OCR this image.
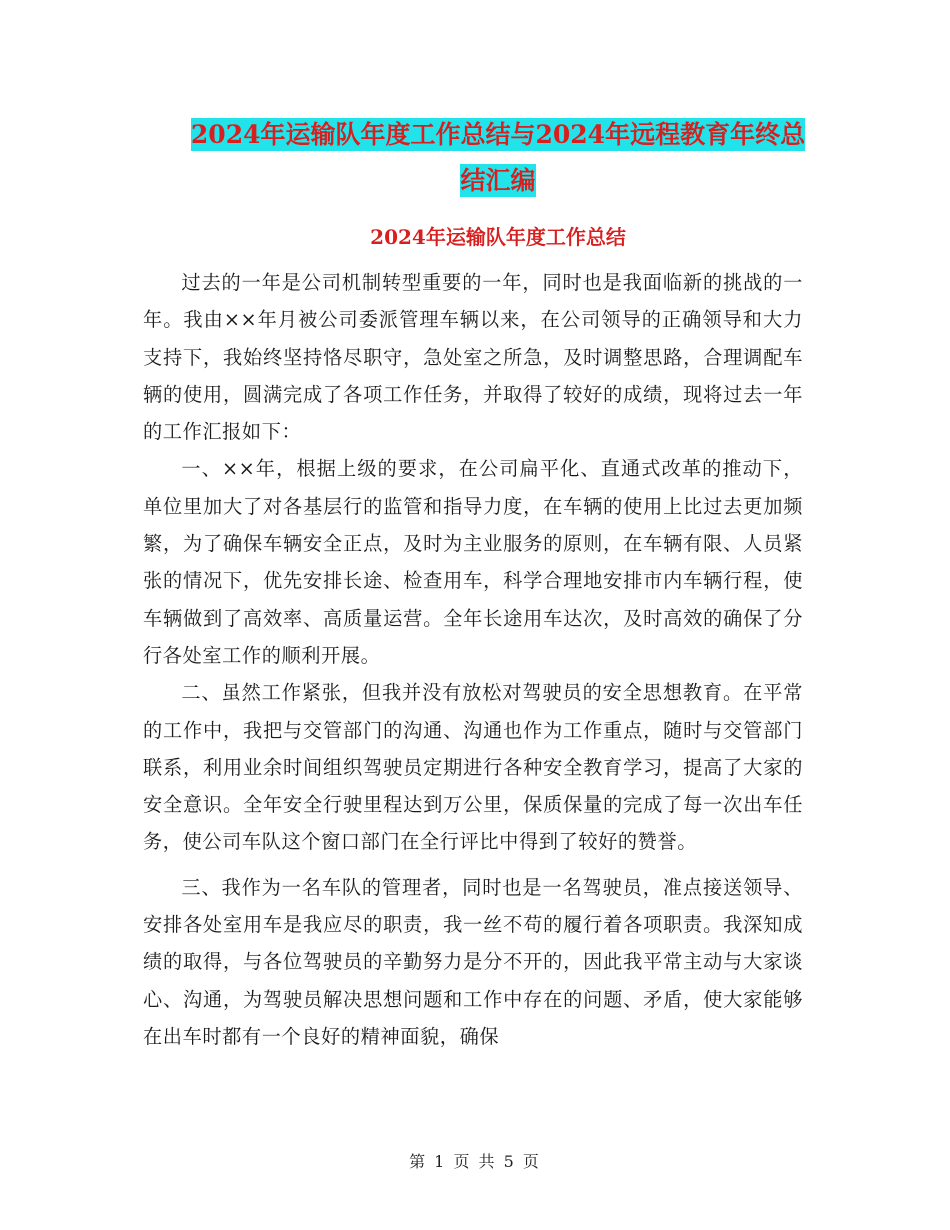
2024年运输队年度工作总结与2024年远程教育年终总
结汇编
2024年运输队年度工作总结

过去的一年是公司机制转型重要的一年，同时也是我面临新的挑战的一年。我由××年月被公司委派管理车辆以来，在公司领导的正确领导和大力支持下，我始终坚持恪尽职守，急处室之所急，及时调整思路，合理调配车辆的使用，圆满完成了各项工作任务，并取得了较好的成绩，现将过去一年的工作汇报如下：

一、××年，根据上级的要求，在公司扁平化、直通式改革的推动下，单位里加大了对各基层行的监管和指导力度，在车辆的使用上比过去更加频繁，为了确保车辆安全正点，及时为主业服务的原则，在车辆有限、人员紧张的情况下，优先安排长途、检查用车，科学合理地安排市内车辆行程，使车辆做到了高效率、高质量运营。全年长途用车达次，及时高效的确保了分行各处室工作的顺利开展。

二、虽然工作紧张，但我并没有放松对驾驶员的安全思想教育。在平常的工作中，我把与交管部门的沟通、沟通也作为工作重点，随时与交管部门联系，利用业余时间组织驾驶员定期进行各种安全教育学习，提高了大家的安全意识。全年安全行驶里程达到万公里，保质保量的完成了每一次出车任务，使公司车队这个窗口部门在全行评比中得到了较好的赞誉。

三、我作为一名车队的管理者，同时也是一名驾驶员，准点接送领导、安排各处室用车是我应尽的职责，我一丝不苟的履行着各项职责。我深知成绩的取得，与各位驾驶员的辛勤努力是分不开的，因此我平常主动与大家谈心、沟通，为驾驶员解决思想问题和工作中存在的问题、矛盾，使大家能够在出车时都有一个良好的精神面貌，确保

第 1 页 共 5 页
